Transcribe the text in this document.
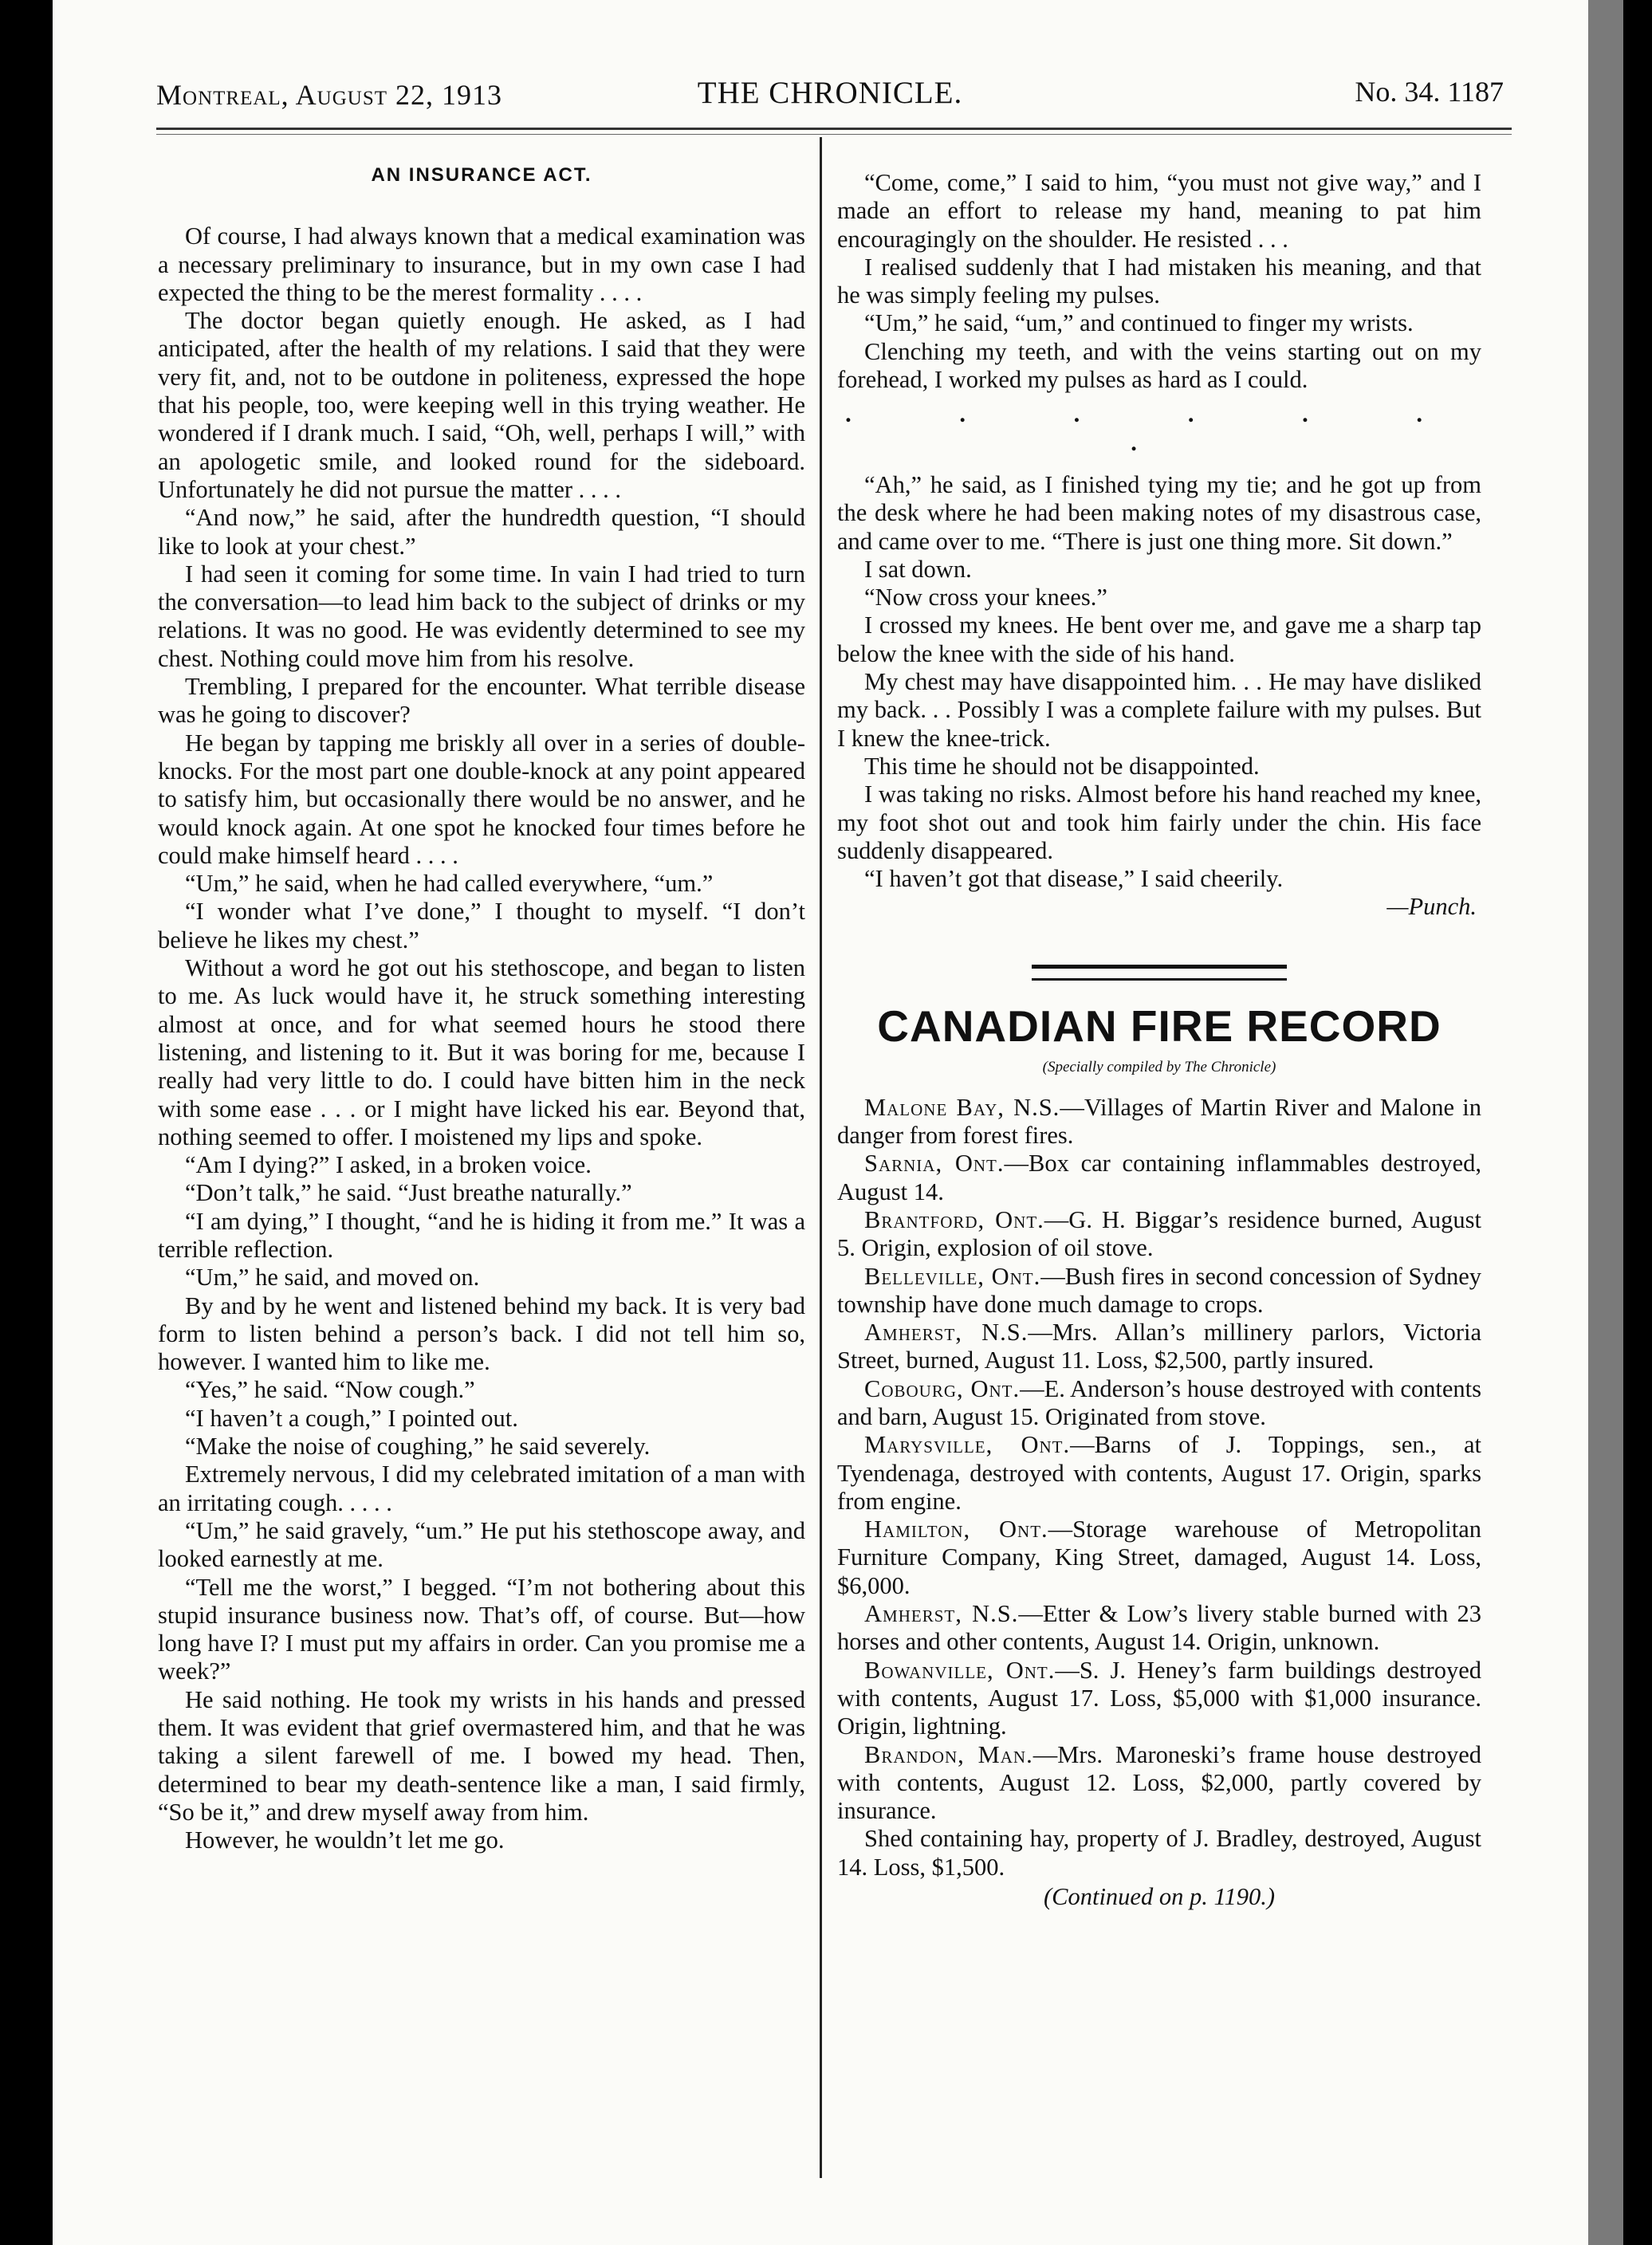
Montreal, August 22, 1913	THE CHRONICLE.	No. 34. 1187
AN INSURANCE ACT.

Of course, I had always known that a medical examination was a necessary preliminary to insurance, but in my own case I had expected the thing to be the merest formality . . . .

The doctor began quietly enough. He asked, as I had anticipated, after the health of my relations. I said that they were very fit, and, not to be outdone in politeness, expressed the hope that his people, too, were keeping well in this trying weather. He wondered if I drank much. I said, “Oh, well, perhaps I will,” with an apologetic smile, and looked round for the sideboard. Unfortunately he did not pursue the matter . . . .

“And now,” he said, after the hundredth question, “I should like to look at your chest.”

I had seen it coming for some time. In vain I had tried to turn the conversation—to lead him back to the subject of drinks or my relations. It was no good. He was evidently determined to see my chest. Nothing could move him from his resolve.

Trembling, I prepared for the encounter. What terrible disease was he going to discover?

He began by tapping me briskly all over in a series of double-knocks. For the most part one double-knock at any point appeared to satisfy him, but occasionally there would be no answer, and he would knock again. At one spot he knocked four times before he could make himself heard . . . .

“Um,” he said, when he had called everywhere, “um.”

“I wonder what I’ve done,” I thought to myself. “I don’t believe he likes my chest.”

Without a word he got out his stethoscope, and began to listen to me. As luck would have it, he struck something interesting almost at once, and for what seemed hours he stood there listening, and listening to it. But it was boring for me, because I really had very little to do. I could have bitten him in the neck with some ease . . . or I might have licked his ear. Beyond that, nothing seemed to offer. I moistened my lips and spoke.

“Am I dying?” I asked, in a broken voice.

“Don’t talk,” he said. “Just breathe naturally.”

“I am dying,” I thought, “and he is hiding it from me.” It was a terrible reflection.

“Um,” he said, and moved on.

By and by he went and listened behind my back. It is very bad form to listen behind a person’s back. I did not tell him so, however. I wanted him to like me.

“Yes,” he said. “Now cough.”

“I haven’t a cough,” I pointed out.

“Make the noise of coughing,” he said severely.

Extremely nervous, I did my celebrated imitation of a man with an irritating cough. . . . .

“Um,” he said gravely, “um.” He put his stethoscope away, and looked earnestly at me.

“Tell me the worst,” I begged. “I’m not bothering about this stupid insurance business now. That’s off, of course. But—how long have I? I must put my affairs in order. Can you promise me a week?”

He said nothing. He took my wrists in his hands and pressed them. It was evident that grief overmastered him, and that he was taking a silent farewell of me. I bowed my head. Then, determined to bear my death-sentence like a man, I said firmly, “So be it,” and drew myself away from him.

However, he wouldn’t let me go.

“Come, come,” I said to him, “you must not give way,” and I made an effort to release my hand, meaning to pat him encouragingly on the shoulder. He resisted . . .

I realised suddenly that I had mistaken his meaning, and that he was simply feeling my pulses.

“Um,” he said, “um,” and continued to finger my wrists.

Clenching my teeth, and with the veins starting out on my forehead, I worked my pulses as hard as I could.

. . . . . . .

“Ah,” he said, as I finished tying my tie; and he got up from the desk where he had been making notes of my disastrous case, and came over to me. “There is just one thing more. Sit down.”

I sat down.

“Now cross your knees.”

I crossed my knees. He bent over me, and gave me a sharp tap below the knee with the side of his hand.

My chest may have disappointed him. . . He may have disliked my back. . . Possibly I was a complete failure with my pulses. But I knew the knee-trick.

This time he should not be disappointed.

I was taking no risks. Almost before his hand reached my knee, my foot shot out and took him fairly under the chin. His face suddenly disappeared.

“I haven’t got that disease,” I said cheerily.

—Punch.
CANADIAN FIRE RECORD
(Specially compiled by The Chronicle)

Malone Bay, N.S.—Villages of Martin River and Malone in danger from forest fires.

Sarnia, Ont.—Box car containing inflammables destroyed, August 14.

Brantford, Ont.—G. H. Biggar’s residence burned, August 5. Origin, explosion of oil stove.

Belleville, Ont.—Bush fires in second concession of Sydney township have done much damage to crops.

Amherst, N.S.—Mrs. Allan’s millinery parlors, Victoria Street, burned, August 11. Loss, $2,500, partly insured.

Cobourg, Ont.—E. Anderson’s house destroyed with contents and barn, August 15. Originated from stove.

Marysville, Ont.—Barns of J. Toppings, sen., at Tyendenaga, destroyed with contents, August 17. Origin, sparks from engine.

Hamilton, Ont.—Storage warehouse of Metropolitan Furniture Company, King Street, damaged, August 14. Loss, $6,000.

Amherst, N.S.—Etter & Low’s livery stable burned with 23 horses and other contents, August 14. Origin, unknown.

Bowanville, Ont.—S. J. Heney’s farm buildings destroyed with contents, August 17. Loss, $5,000 with $1,000 insurance. Origin, lightning.

Brandon, Man.—Mrs. Maroneski’s frame house destroyed with contents, August 12. Loss, $2,000, partly covered by insurance.

Shed containing hay, property of J. Bradley, destroyed, August 14. Loss, $1,500.

(Continued on p. 1190.)
